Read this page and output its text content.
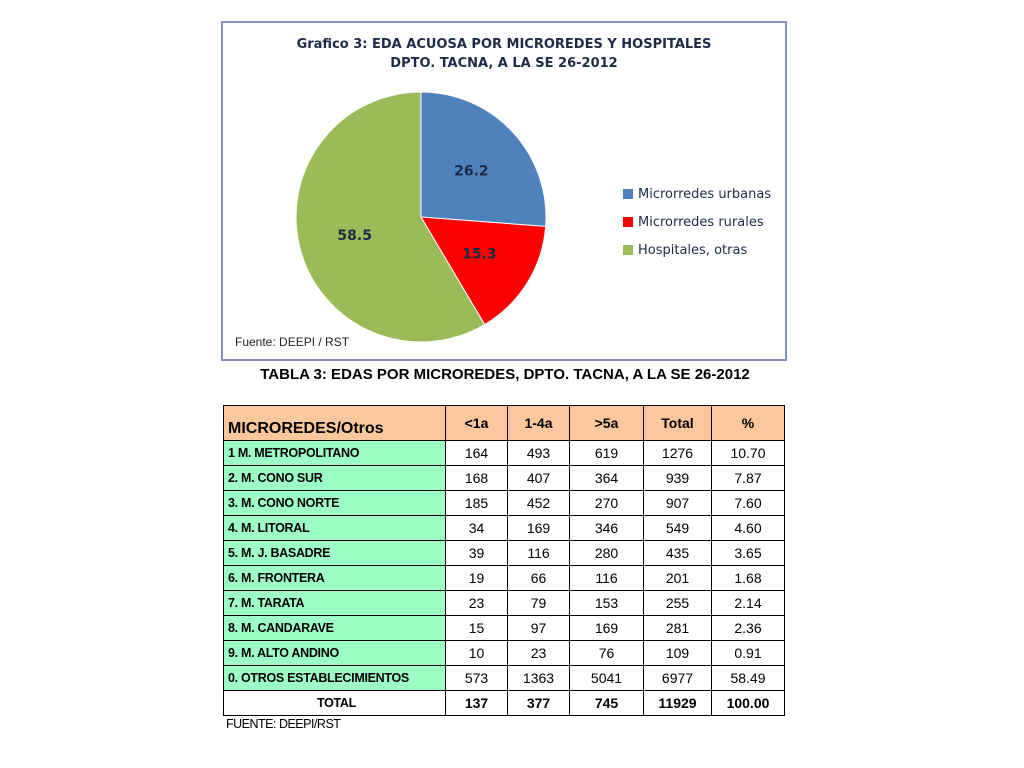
Grafico 3: EDA ACUOSA POR MICROREDES Y HOSPITALES
DPTO. TACNA, A LA SE 26-2012
26.2
15.3
58.5
Microrredes urbanas
Microrredes rurales
Hospitales, otras
Fuente: DEEPI / RST
TABLA 3: EDAS POR MICROREDES, DPTO. TACNA, A LA SE 26-2012
MICROREDES/Otros	<1a	1-4a	>5a	Total	%
1 M. METROPOLITANO	164	493	619	1276	10.70
2. M. CONO SUR	168	407	364	939	7.87
3. M. CONO NORTE	185	452	270	907	7.60
4. M. LITORAL	34	169	346	549	4.60
5. M. J. BASADRE	39	116	280	435	3.65
6. M. FRONTERA	19	66	116	201	1.68
7. M. TARATA	23	79	153	255	2.14
8. M. CANDARAVE	15	97	169	281	2.36
9. M. ALTO ANDINO	10	23	76	109	0.91
0. OTROS ESTABLECIMIENTOS	573	1363	5041	6977	58.49
TOTAL	137	377	745	11929	100.00
FUENTE: DEEPI/RST
